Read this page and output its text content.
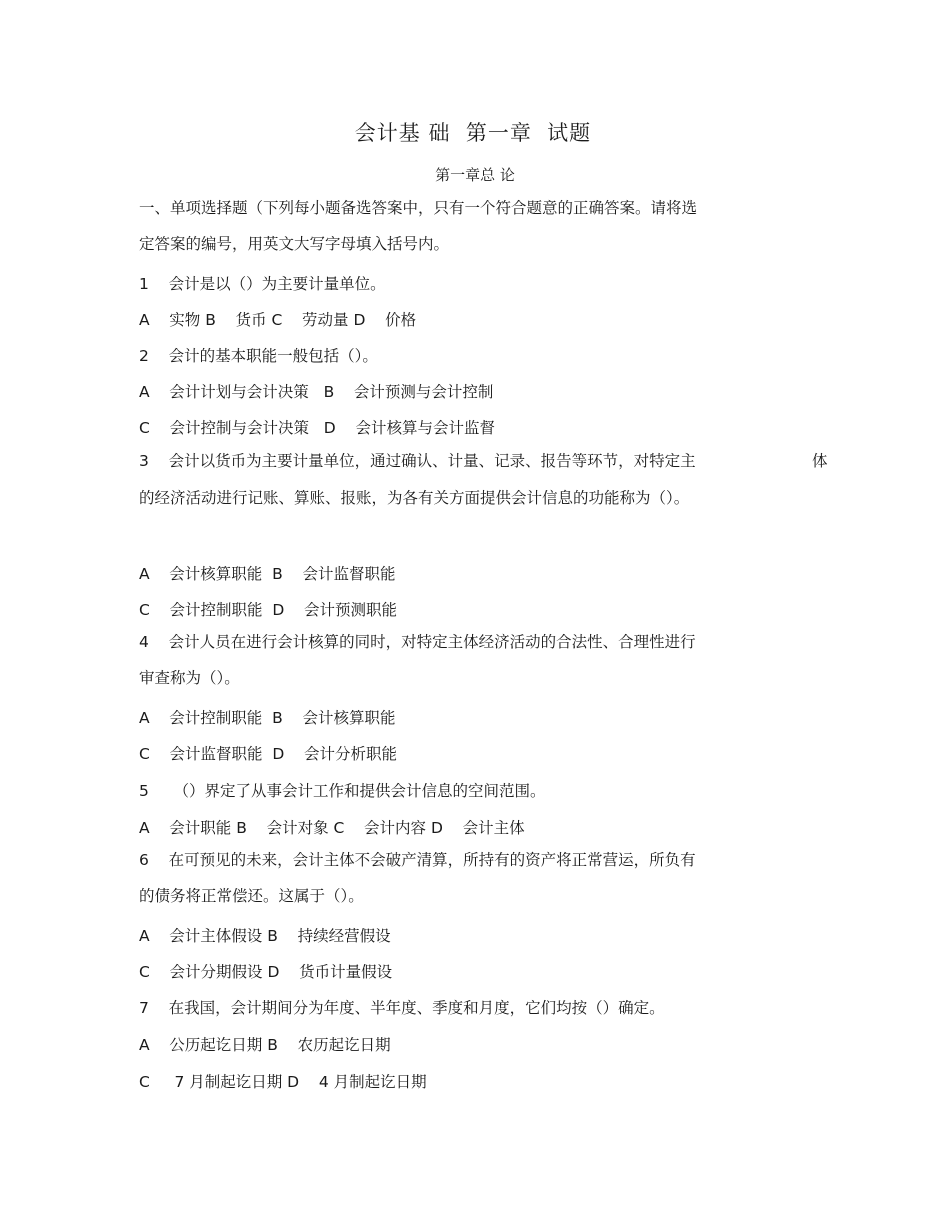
会计基 础  第一章  试题
第一章总 论
一、单项选择题（下列每小题备选答案中，只有一个符合题意的正确答案。请将选
定答案的编号，用英文大写字母填入括号内。
1    会计是以（）为主要计量单位。
A    实物 B    货币 C    劳动量 D    价格
2    会计的基本职能一般包括（）。
A    会计计划与会计决策   B    会计预测与会计控制
C    会计控制与会计决策   D    会计核算与会计监督
3    会计以货币为主要计量单位，通过确认、计量、记录、报告等环节，对特定主	体
的经济活动进行记账、算账、报账，为各有关方面提供会计信息的功能称为（）。
A    会计核算职能  B    会计监督职能
C    会计控制职能  D    会计预测职能
4    会计人员在进行会计核算的同时，对特定主体经济活动的合法性、合理性进行
审查称为（）。
A    会计控制职能  B    会计核算职能
C    会计监督职能  D    会计分析职能
5     （）界定了从事会计工作和提供会计信息的空间范围。
A    会计职能 B    会计对象 C    会计内容 D    会计主体
6    在可预见的未来，会计主体不会破产清算，所持有的资产将正常营运，所负有
的债务将正常偿还。这属于（）。
A    会计主体假设 B    持续经营假设
C    会计分期假设 D    货币计量假设
7    在我国，会计期间分为年度、半年度、季度和月度，它们均按（）确定。
A    公历起讫日期 B    农历起讫日期
C     7 月制起讫日期 D    4 月制起讫日期
